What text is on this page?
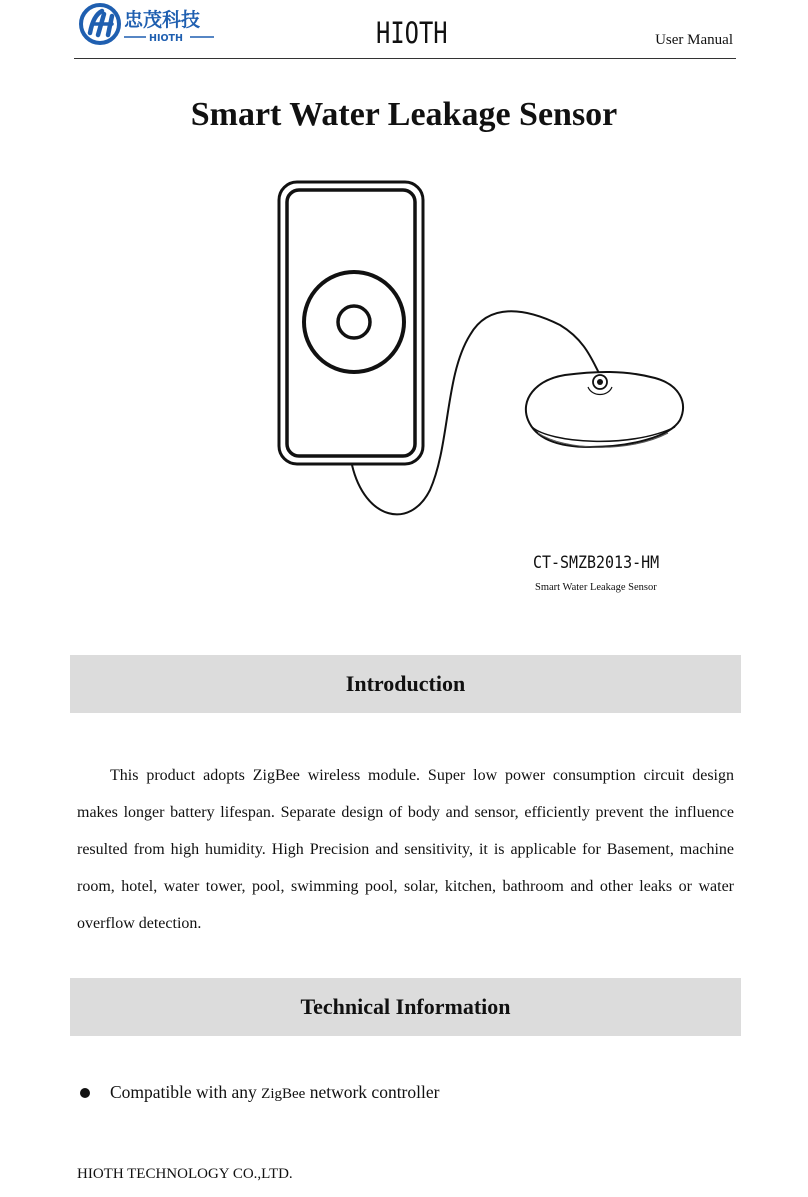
忠茂科技
HIOTH	HIOTH	User Manual
Smart Water Leakage Sensor
CT-SMZB2013-HM
Smart Water Leakage Sensor
Introduction

This product adopts ZigBee wireless module. Super low power consumption circuit design makes longer battery lifespan. Separate design of body and sensor, efficiently prevent the influence resulted from high humidity. High Precision and sensitivity, it is applicable for Basement, machine room, hotel, water tower, pool, swimming pool, solar, kitchen, bathroom and other leaks or water overflow detection.

Technical Information
Compatible with any ZigBee network controller
HIOTH TECHNOLOGY CO.,LTD.
